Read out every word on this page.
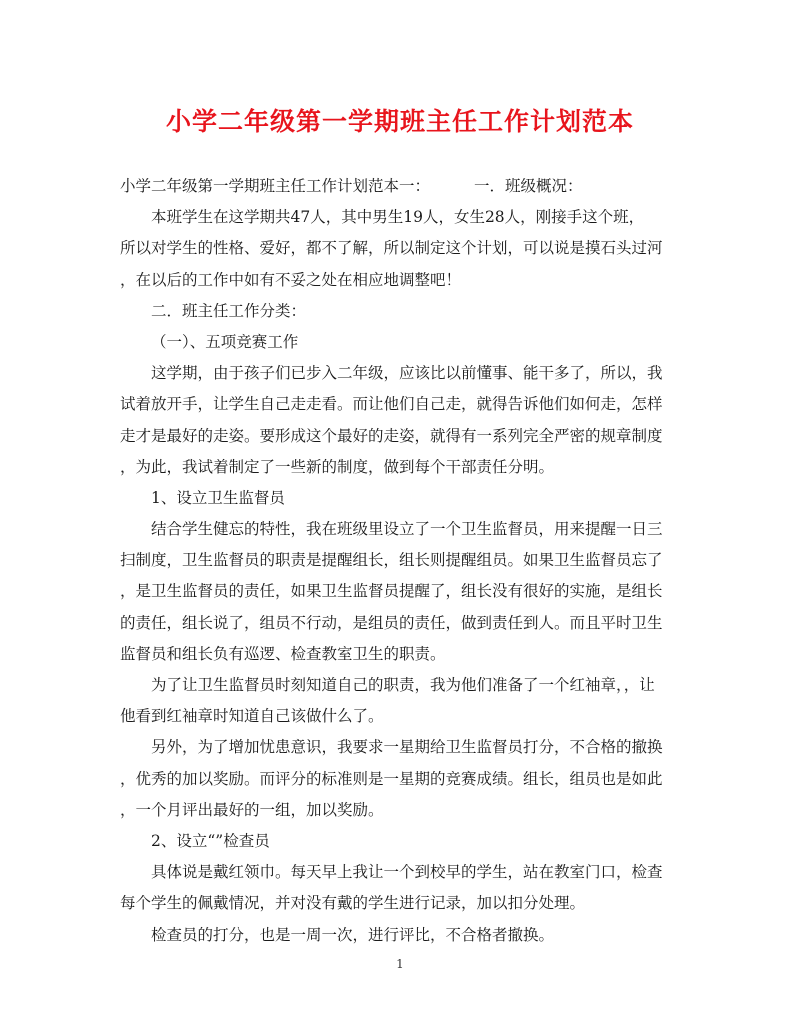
小学二年级第一学期班主任工作计划范本
小学二年级第一学期班主任工作计划范本一：	一．班级概况：
本班学生在这学期共47人，其中男生19人，女生28人，刚接手这个班，
所以对学生的性格、爱好，都不了解，所以制定这个计划，可以说是摸石头过河
，在以后的工作中如有不妥之处在相应地调整吧！
二．班主任工作分类：
（一）、五项竞赛工作
这学期，由于孩子们已步入二年级，应该比以前懂事、能干多了，所以，我
试着放开手，让学生自己走走看。而让他们自己走，就得告诉他们如何走，怎样
走才是最好的走姿。要形成这个最好的走姿，就得有一系列完全严密的规章制度
，为此，我试着制定了一些新的制度，做到每个干部责任分明。
1、设立卫生监督员
结合学生健忘的特性，我在班级里设立了一个卫生监督员，用来提醒一日三
扫制度，卫生监督员的职责是提醒组长，组长则提醒组员。如果卫生监督员忘了
，是卫生监督员的责任，如果卫生监督员提醒了，组长没有很好的实施，是组长
的责任，组长说了，组员不行动，是组员的责任，做到责任到人。而且平时卫生
监督员和组长负有巡逻、检查教室卫生的职责。
为了让卫生监督员时刻知道自己的职责，我为他们准备了一个红袖章，，让
他看到红袖章时知道自己该做什么了。
另外，为了增加忧患意识，我要求一星期给卫生监督员打分，不合格的撤换
，优秀的加以奖励。而评分的标准则是一星期的竞赛成绩。组长，组员也是如此
，一个月评出最好的一组，加以奖励。
2、设立“”检查员
具体说是戴红领巾。每天早上我让一个到校早的学生，站在教室门口，检查
每个学生的佩戴情况，并对没有戴的学生进行记录，加以扣分处理。
检查员的打分，也是一周一次，进行评比，不合格者撤换。
1
